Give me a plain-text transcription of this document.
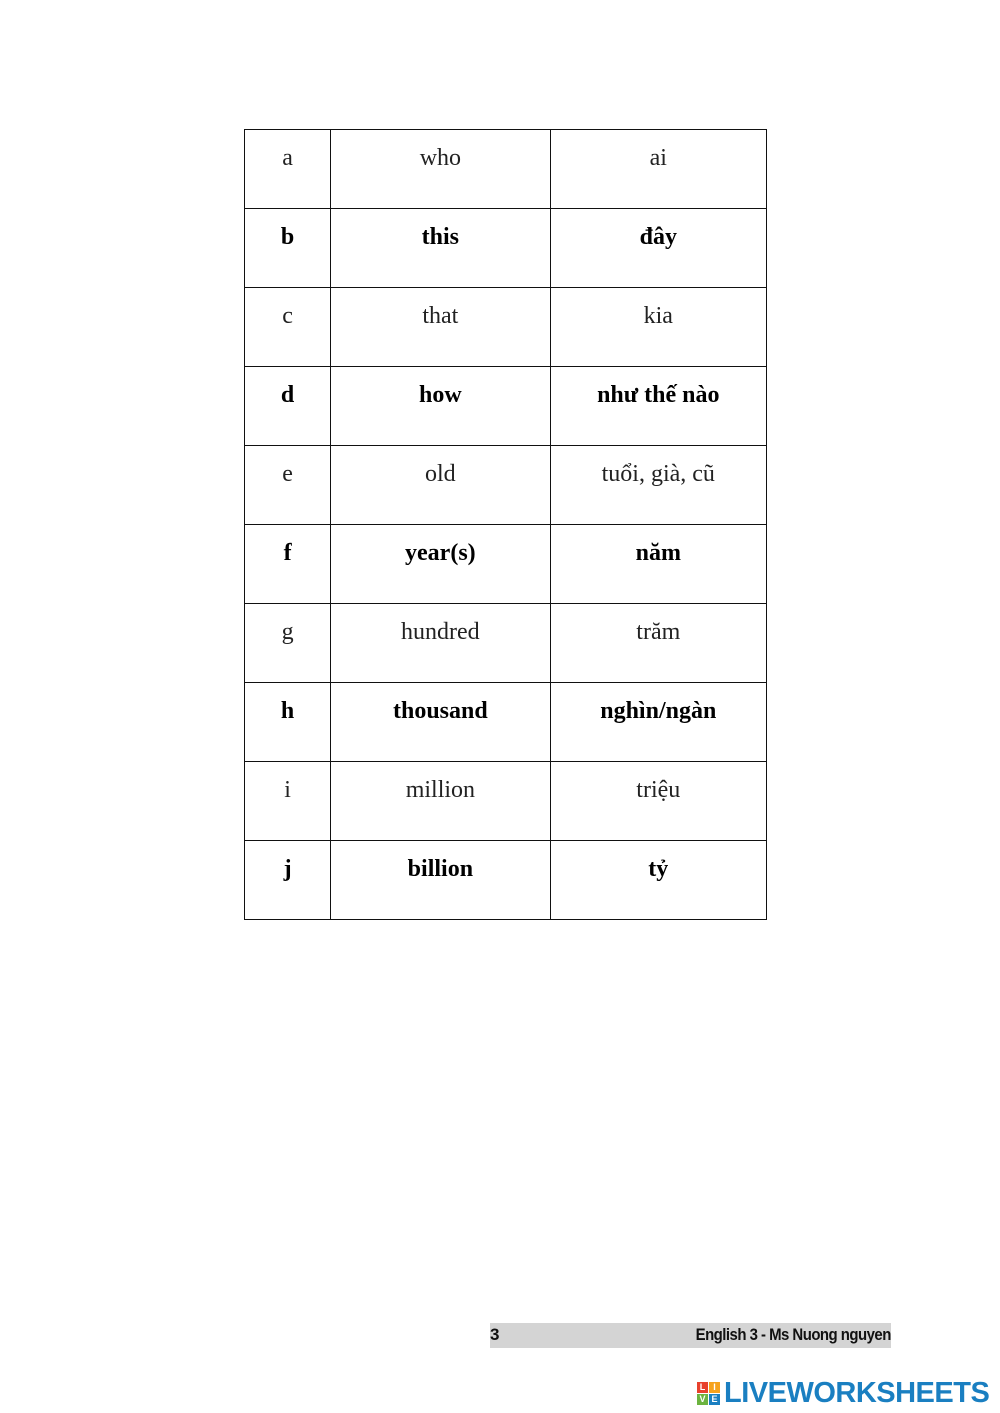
a	who	ai

b	this	đây

c	that	kia

d	how	như thế nào

e	old	tuổi, già, cũ

f	year(s)	năm

g	hundred	trăm

h	thousand	nghìn/ngàn

i	million	triệu

j	billion	tỷ
3	English 3 - Ms Nuong nguyen
L I
V E LIVEWORKSHEETS
